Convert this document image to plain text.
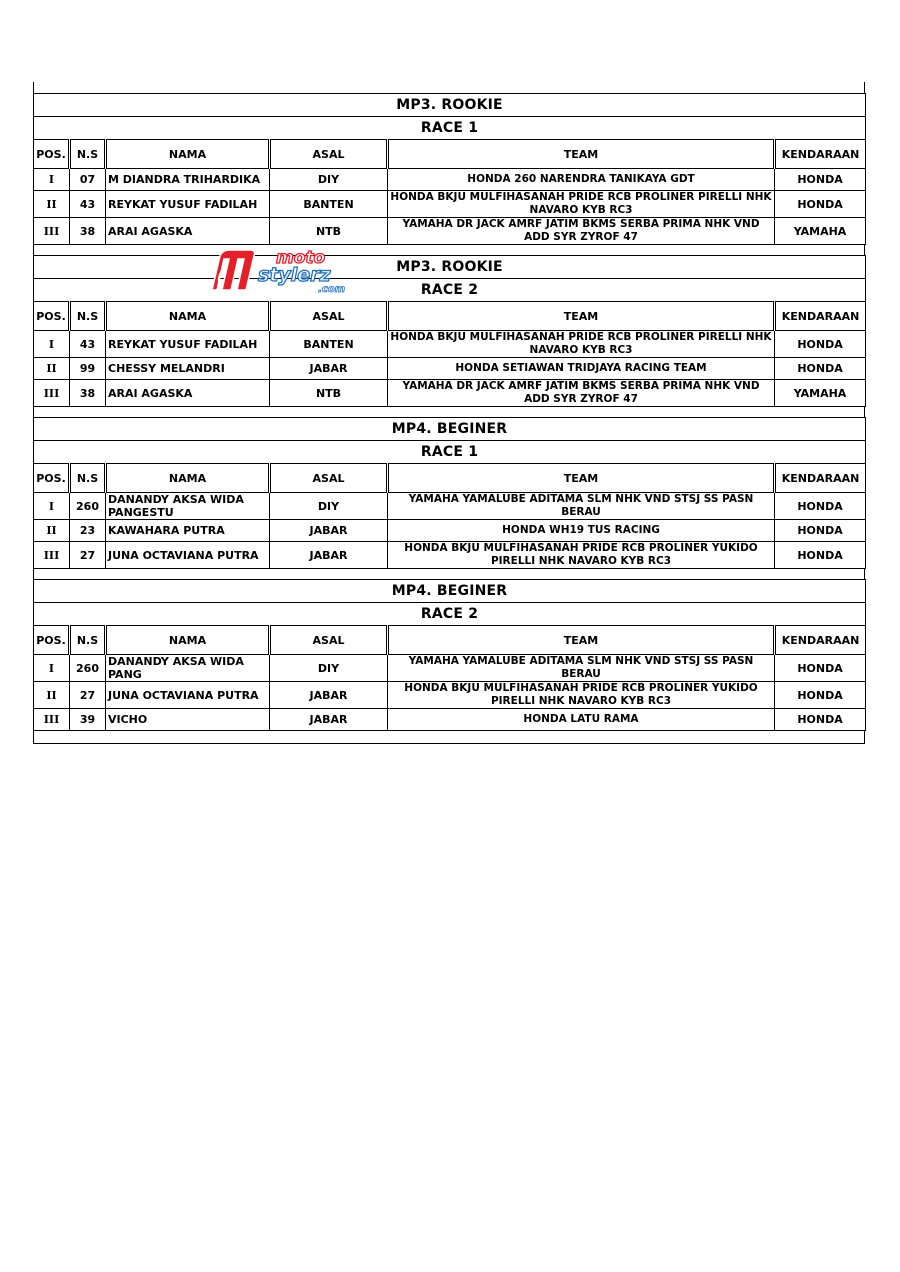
MP3. ROOKIE					
RACE 1					
POS.	N.S	NAMA	ASAL	TEAM	KENDARAAN
I	07	M DIANDRA TRIHARDIKA	DIY	HONDA 260 NARENDRA TANIKAYA GDT	HONDA
II	43	REYKAT YUSUF FADILAH	BANTEN	HONDA BKJU MULFIHASANAH PRIDE RCB PROLINER PIRELLI NHK NAVARO KYB RC3	HONDA
III	38	ARAI AGASKA	NTB	YAMAHA DR JACK AMRF JATIM BKMS SERBA PRIMA NHK VND ADD SYR ZYROF 47	YAMAHA
MP3. ROOKIE					
RACE 2					
POS.	N.S	NAMA	ASAL	TEAM	KENDARAAN
I	43	REYKAT YUSUF FADILAH	BANTEN	HONDA BKJU MULFIHASANAH PRIDE RCB PROLINER PIRELLI NHK NAVARO KYB RC3	HONDA
II	99	CHESSY MELANDRI	JABAR	HONDA SETIAWAN TRIDJAYA RACING TEAM	HONDA
III	38	ARAI AGASKA	NTB	YAMAHA DR JACK AMRF JATIM BKMS SERBA PRIMA NHK VND ADD SYR ZYROF 47	YAMAHA
MP4. BEGINER					
RACE 1					
POS.	N.S	NAMA	ASAL	TEAM	KENDARAAN
I	260	DANANDY AKSA WIDA PANGESTU	DIY	YAMAHA YAMALUBE ADITAMA SLM NHK VND STSJ SS PASN BERAU	HONDA
II	23	KAWAHARA PUTRA	JABAR	HONDA WH19 TUS RACING	HONDA
III	27	JUNA OCTAVIANA PUTRA	JABAR	HONDA BKJU MULFIHASANAH PRIDE RCB PROLINER YUKIDO PIRELLI NHK NAVARO KYB RC3	HONDA
MP4. BEGINER					
RACE 2					
POS.	N.S	NAMA	ASAL	TEAM	KENDARAAN
I	260	DANANDY AKSA WIDA PANG	DIY	YAMAHA YAMALUBE ADITAMA SLM NHK VND STSJ SS PASN BERAU	HONDA
II	27	JUNA OCTAVIANA PUTRA	JABAR	HONDA BKJU MULFIHASANAH PRIDE RCB PROLINER YUKIDO PIRELLI NHK NAVARO KYB RC3	HONDA
III	39	VICHO	JABAR	HONDA LATU RAMA	HONDA
moto
stylerz
.com
